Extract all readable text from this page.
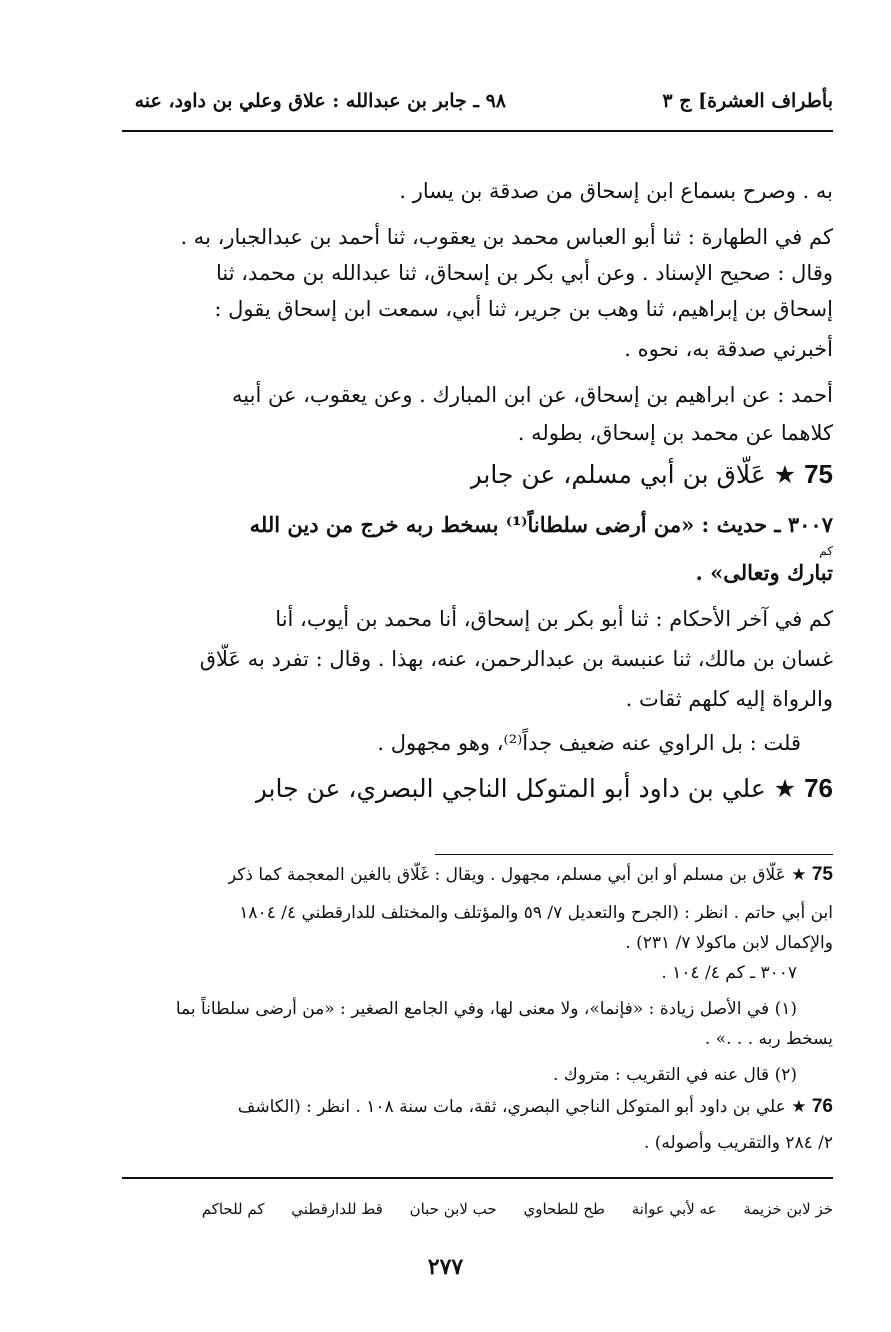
بأطراف العشرة] ج ٣
٩٨ ـ جابر بن عبدالله : علاق وعلي بن داود، عنه
به . وصرح بسماع ابن إسحاق من صدقة بن يسار .
كم في الطهارة : ثنا أبو العباس محمد بن يعقوب، ثنا أحمد بن عبدالجبار، به .
وقال : صحيح الإسناد . وعن أبي بكر بن إسحاق، ثنا عبدالله بن محمد، ثنا
إسحاق بن إبراهيم، ثنا وهب بن جرير، ثنا أبي، سمعت ابن إسحاق يقول :
أخبرني صدقة به، نحوه .
أحمد : عن ابراهيم بن إسحاق، عن ابن المبارك . وعن يعقوب، عن أبيه
كلاهما عن محمد بن إسحاق، بطوله .
75 ★ عَلّاق بن أبي مسلم، عن جابر
٣٠٠٧ ـ حديث : «من أرضى سلطاناً⁽¹⁾ بسخط ربه خرج من دين الله
كم
تبارك وتعالى» .
كم في آخر الأحكام : ثنا أبو بكر بن إسحاق، أنا محمد بن أيوب، أنا
غسان بن مالك، ثنا عنبسة بن عبدالرحمن، عنه، بهذا . وقال : تفرد به عَلّاق
والرواة إليه كلهم ثقات .
قلت : بل الراوي عنه ضعيف جداً⁽²⁾، وهو مجهول .
76 ★ علي بن داود أبو المتوكل الناجي البصري، عن جابر
75 ★ عَلّاق بن مسلم أو ابن أبي مسلم، مجهول . ويقال : غَلّاق بالغين المعجمة كما ذكر
ابن أبي حاتم . انظر : (الجرح والتعديل ٧/ ٥٩ والمؤتلف والمختلف للدارقطني ٤/ ١٨٠٤
والإكمال لابن ماكولا ٧/ ٢٣١) .
٣٠٠٧ ـ كم ٤/ ١٠٤ .
(١) في الأصل زيادة : «فإنما»، ولا معنى لها، وفي الجامع الصغير : «من أرضى سلطاناً بما
يسخط ربه . . .» .
(٢) قال عنه في التقريب : متروك .
76 ★ علي بن داود أبو المتوكل الناجي البصري، ثقة، مات سنة ١٠٨ . انظر : (الكاشف
٢/ ٢٨٤ والتقريب وأصوله) .
خز لابن خزيمة عه لأبي عوانة طح للطحاوي حب لابن حبان قط للدارقطني كم للحاكم
٢٧٧
